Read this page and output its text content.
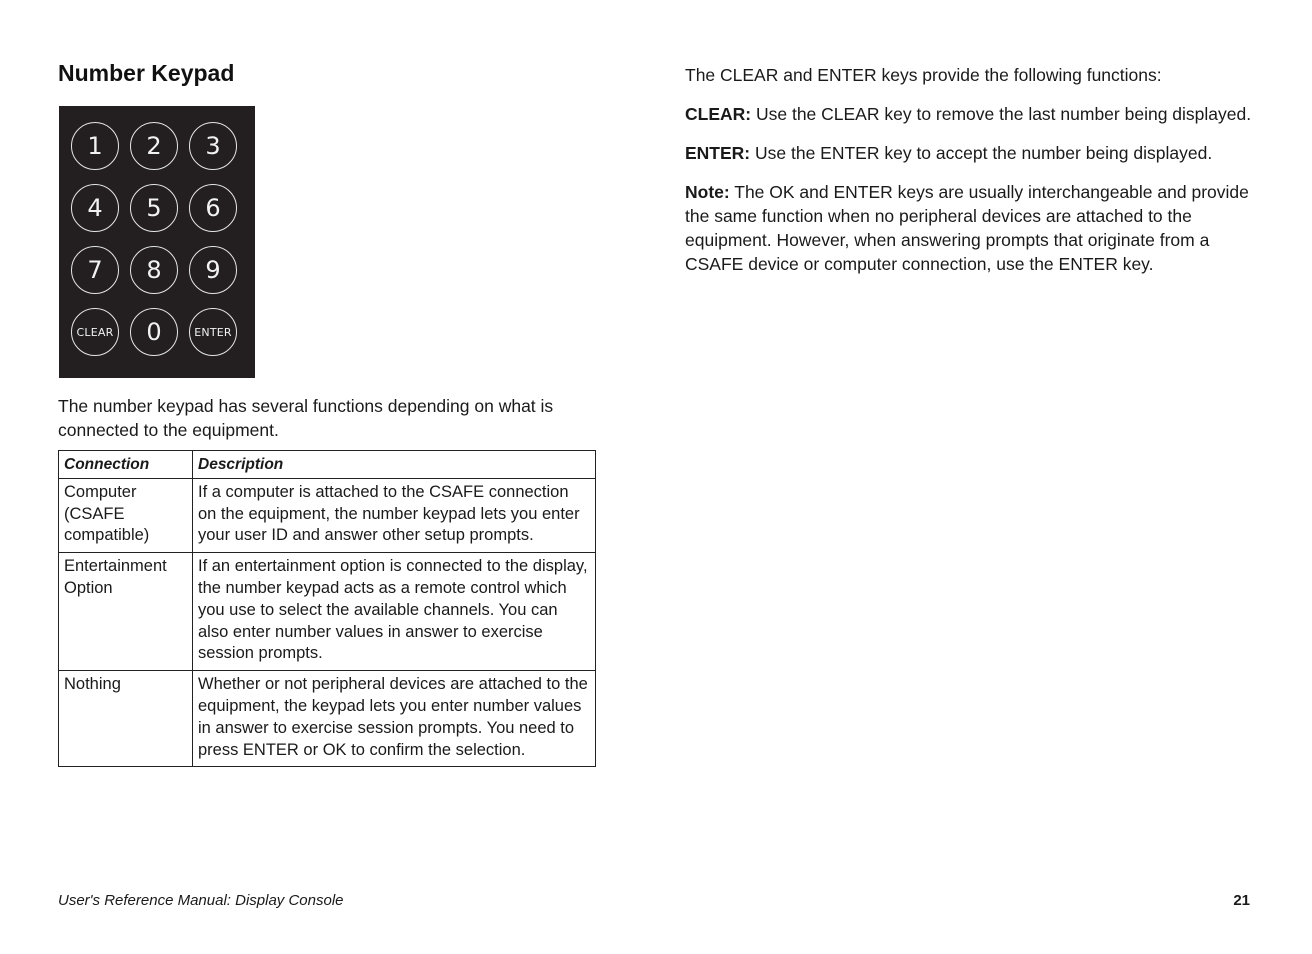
Number Keypad
1	2	3
4	5	6
7	8	9
CLEAR	0	ENTER

The number keypad has several functions depending on what is connected to the equipment.

Connection	Description
Computer (CSAFE compatible)	If a computer is attached to the CSAFE connection on the equipment, the number keypad lets you enter your user ID and answer other setup prompts.
Entertainment Option	If an entertainment option is connected to the display, the number keypad acts as a remote control which you use to select the available channels. You can also enter number values in answer to exercise session prompts.
Nothing	Whether or not peripheral devices are attached to the equipment, the keypad lets you enter number values in answer to exercise session prompts. You need to press ENTER or OK to confirm the selection.

The CLEAR and ENTER keys provide the following functions:

CLEAR: Use the CLEAR key to remove the last number being displayed.

ENTER: Use the ENTER key to accept the number being displayed.

Note: The OK and ENTER keys are usually interchangeable and provide the same function when no peripheral devices are attached to the equipment. However, when answering prompts that originate from a CSAFE device or computer connection, use the ENTER key.

User's Reference Manual: Display Console	21
